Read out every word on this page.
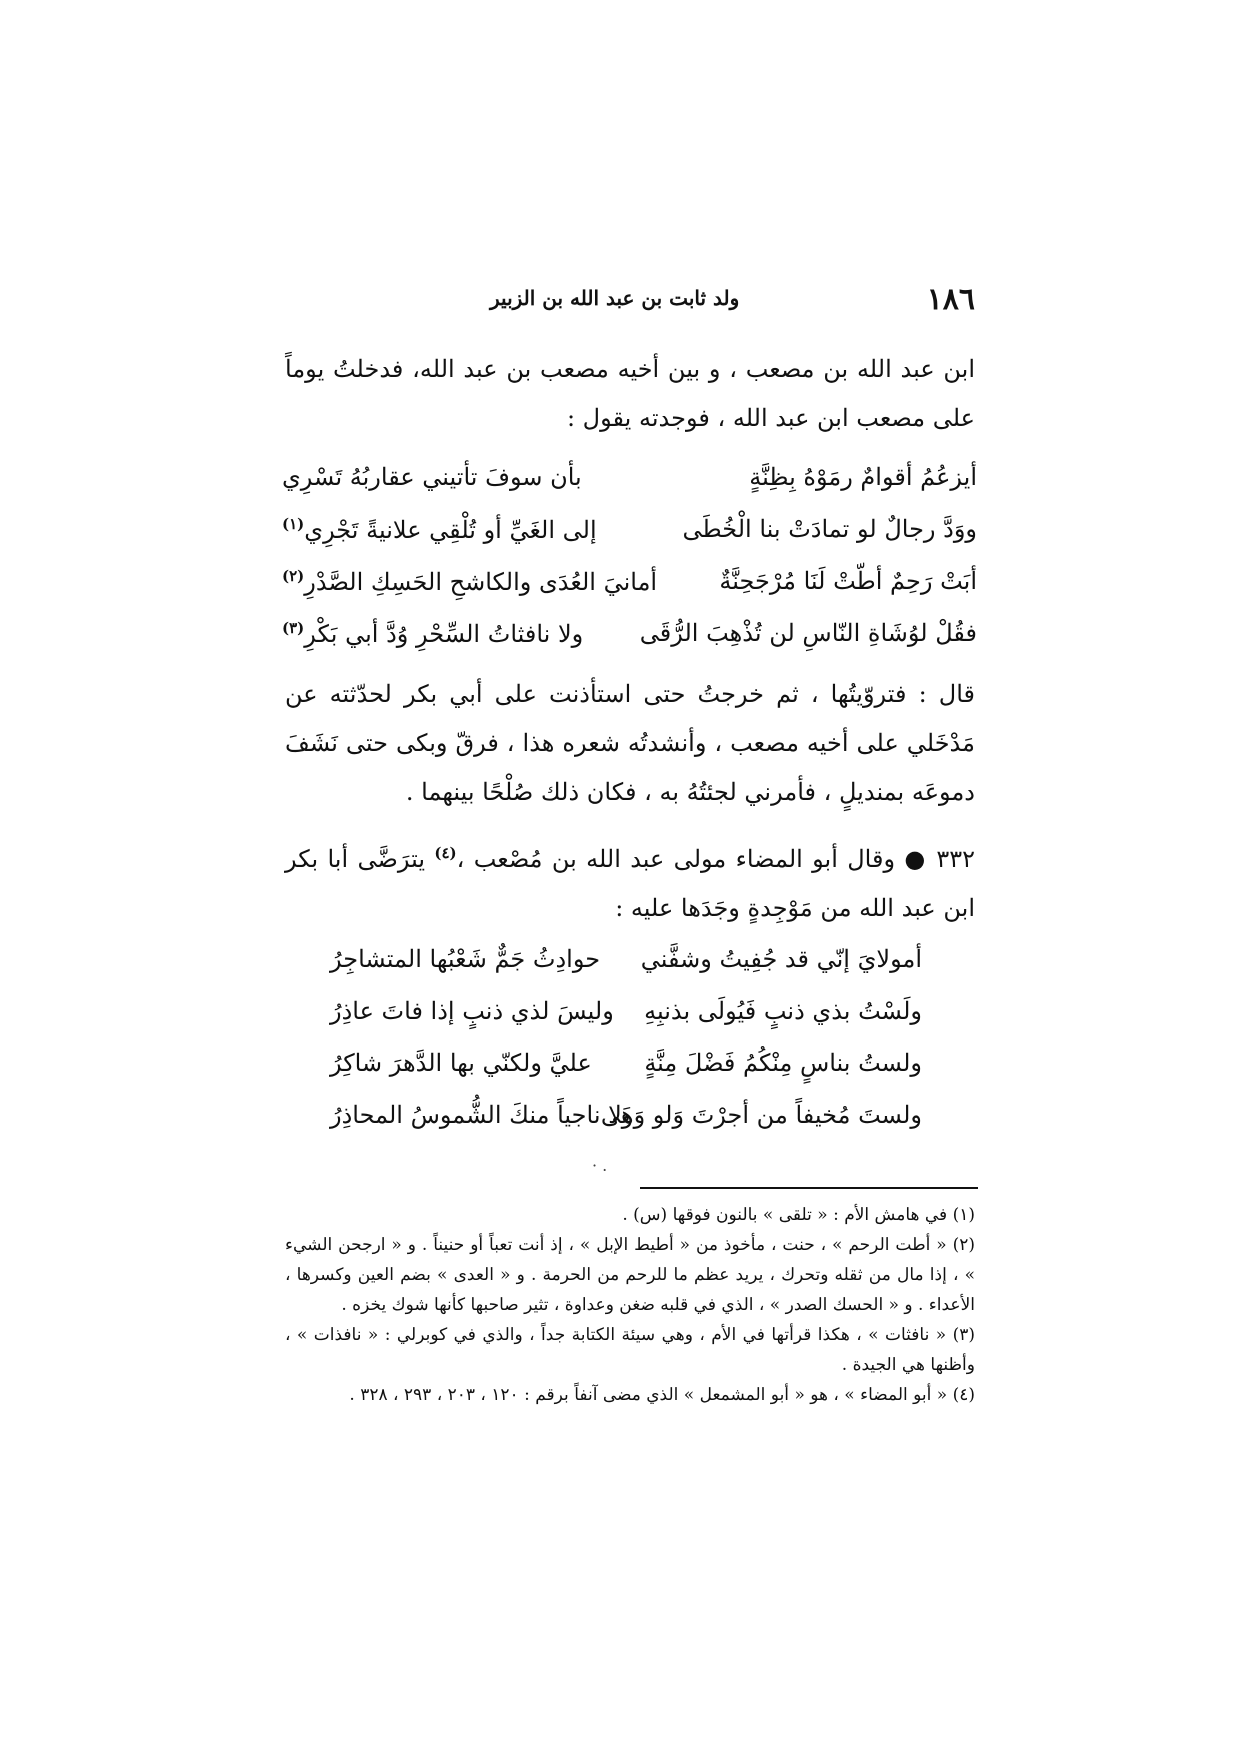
١٨٦
ولد ثابت بن عبد الله بن الزبير
ابن عبد الله بن مصعب ، و بين أخيه مصعب بن عبد الله، فدخلتُ يوماً على مصعب ابن عبد الله ، فوجدته يقول :
أيزعُمُ أقوامٌ رمَوْهُ بِظِنَّةٍ
بأن سوفَ تأتيني عقاربُهُ تَسْرِي
ووَدَّ رجالٌ لو تمادَتْ بنا الْخُطَى
إلى الغَيِّ أو تُلْقِي علانيةً تَجْرِي$^{(١)}$
أبَتْ رَحِمٌ أطّتْ لَنَا مُرْجَحِنَّةٌ
أمانيَ العُدَى والكاشحِ الحَسِكِ الصَّدْرِ$^{(٢)}$
فقُلْ لوُشَاةِ النّاسِ لن تُذْهِبَ الرُّقَى
ولا نافثاتُ السِّحْرِ وُدَّ أبي بَكْرِ$^{(٣)}$
قال : فتروّيتُها ، ثم خرجتُ حتى استأذنت على أبي بكر لحدّثته عن مَدْخَلي على أخيه مصعب ، وأنشدتُه شعره هذا ، فرقّ وبكى حتى نَشَفَ دموعَه بمنديلٍ ، فأمرني لجئتُهُ به ، فكان ذلك صُلْحًا بينهما .
٣٣٢ ● وقال أبو المضاء مولى عبد الله بن مُصْعب ،$^{(٤)}$ يترَضَّى أبا بكر ابن عبد الله من مَوْجِدةٍ وجَدَها عليه :
أمولايَ إنّي قد جُفِيتُ وشفَّني
حوادِثُ جَمٌّ شَعْبُها المتشاجِرُ
ولَسْتُ بذي ذنبٍ فَيُولَى بذنبِهِ
وليسَ لذي ذنبٍ إذا فاتَ عاذِرُ
ولستُ بناسٍ مِنْكُمُ فَضْلَ مِنَّةٍ
عليَّ ولكنّي بها الدَّهرَ شاكِرُ
ولستَ مُخيفاً من أجرْتَ وَلو وَهَى
ولا ناجياً منكَ الشُّموسُ المحاذِرُ
· .
(١) في هامش الأم : « تلقى » بالنون فوقها (س) .
(٢) « أطت الرحم » ، حنت ، مأخوذ من « أطيط الإبل » ، إذ أنت تعباً أو حنيناً . و « ارجحن الشيء » ، إذا مال من ثقله وتحرك ، يريد عظم ما للرحم من الحرمة . و « العدى » بضم العين وكسرها ، الأعداء . و « الحسك الصدر » ، الذي في قلبه ضغن وعداوة ، تثير صاحبها كأنها شوك يخزه .
(٣) « نافثات » ، هكذا قرأتها في الأم ، وهي سيئة الكتابة جداً ، والذي في كوبرلي : « نافذات » ، وأظنها هي الجيدة .
(٤) « أبو المضاء » ، هو « أبو المشمعل » الذي مضى آنفاً برقم : ١٢٠ ، ٢٠٣ ، ٢٩٣ ، ٣٢٨ .
